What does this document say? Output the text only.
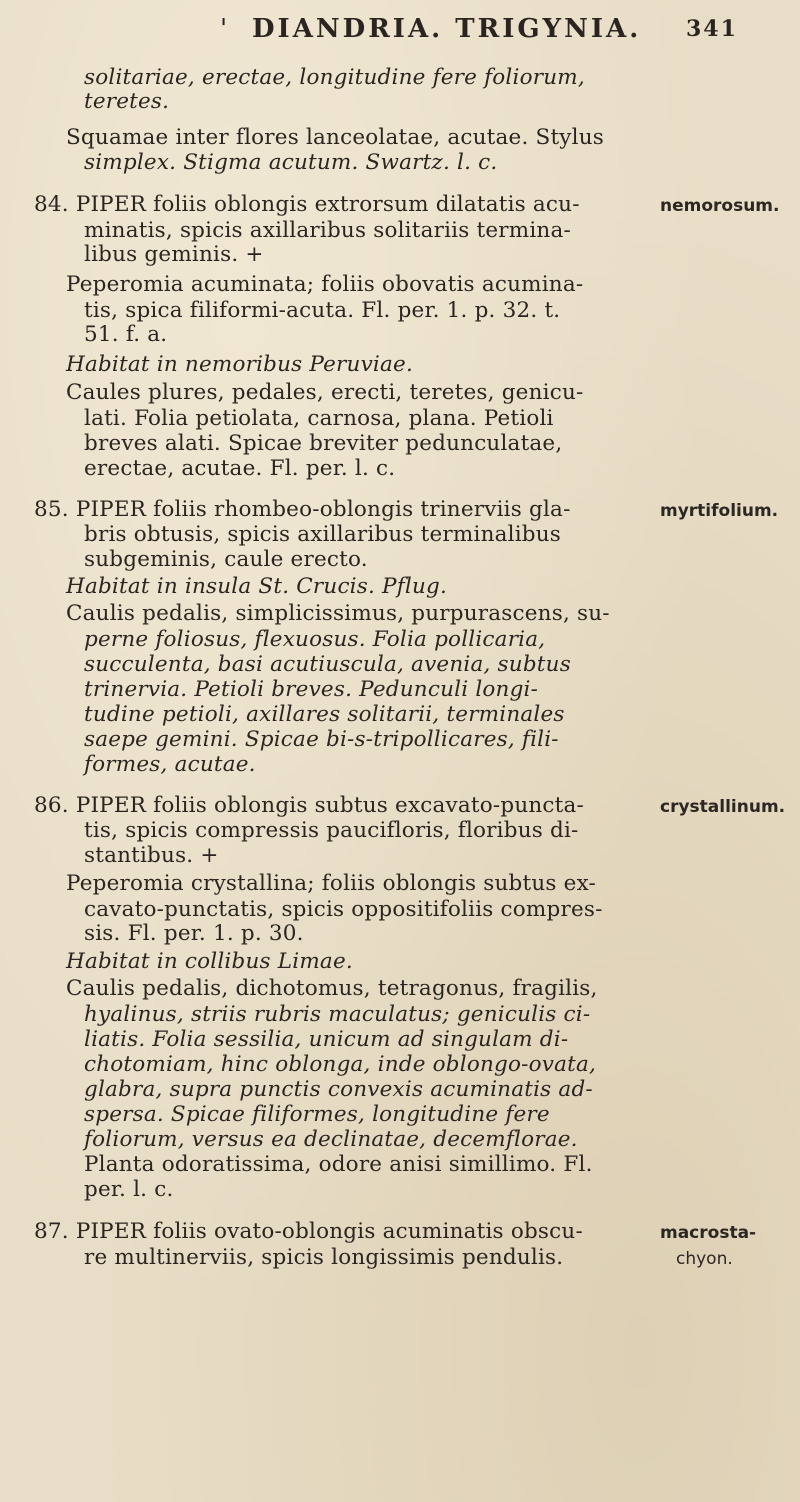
'

DIANDRIA. TRIGYNIA.

341

solitariae, erectae, longitudine fere foliorum,
teretes.
Squamae inter flores lanceolatae, acutae. Stylus
simplex. Stigma acutum. Swartz. l. c.
84. PIPER foliis oblongis extrorsum dilatatis acu-	nemorosum.
minatis, spicis axillaribus solitariis termina-
libus geminis. +
Peperomia acuminata; foliis obovatis acumina-
tis, spica filiformi-acuta. Fl. per. 1. p. 32. t.
51. f. a.
Habitat in nemoribus Peruviae.
Caules plures, pedales, erecti, teretes, genicu-
lati. Folia petiolata, carnosa, plana. Petioli
breves alati. Spicae breviter pedunculatae,
erectae, acutae. Fl. per. l. c.
85. PIPER foliis rhombeo-oblongis trinerviis gla-	myrtifolium.
bris obtusis, spicis axillaribus terminalibus
subgeminis, caule erecto.
Habitat in insula St. Crucis. Pflug.
Caulis pedalis, simplicissimus, purpurascens, su-
perne foliosus, flexuosus. Folia pollicaria,
succulenta, basi acutiuscula, avenia, subtus
trinervia. Petioli breves. Pedunculi longi-
tudine petioli, axillares solitarii, terminales
saepe gemini. Spicae bi-s-tripollicares, fili-
formes, acutae.
86. PIPER foliis oblongis subtus excavato-puncta-	crystallinum.
tis, spicis compressis paucifloris, floribus di-
stantibus. +
Peperomia crystallina; foliis oblongis subtus ex-
cavato-punctatis, spicis oppositifoliis compres-
sis. Fl. per. 1. p. 30.
Habitat in collibus Limae.
Caulis pedalis, dichotomus, tetragonus, fragilis,
hyalinus, striis rubris maculatus; geniculis ci-
liatis. Folia sessilia, unicum ad singulam di-
chotomiam, hinc oblonga, inde oblongo-ovata,
glabra, supra punctis convexis acuminatis ad-
spersa. Spicae filiformes, longitudine fere
foliorum, versus ea declinatae, decemflorae.
Planta odoratissima, odore anisi simillimo. Fl.
per. l. c.
87. PIPER foliis ovato-oblongis acuminatis obscu-	macrosta-
re multinerviis, spicis longissimis pendulis.	chyon.
